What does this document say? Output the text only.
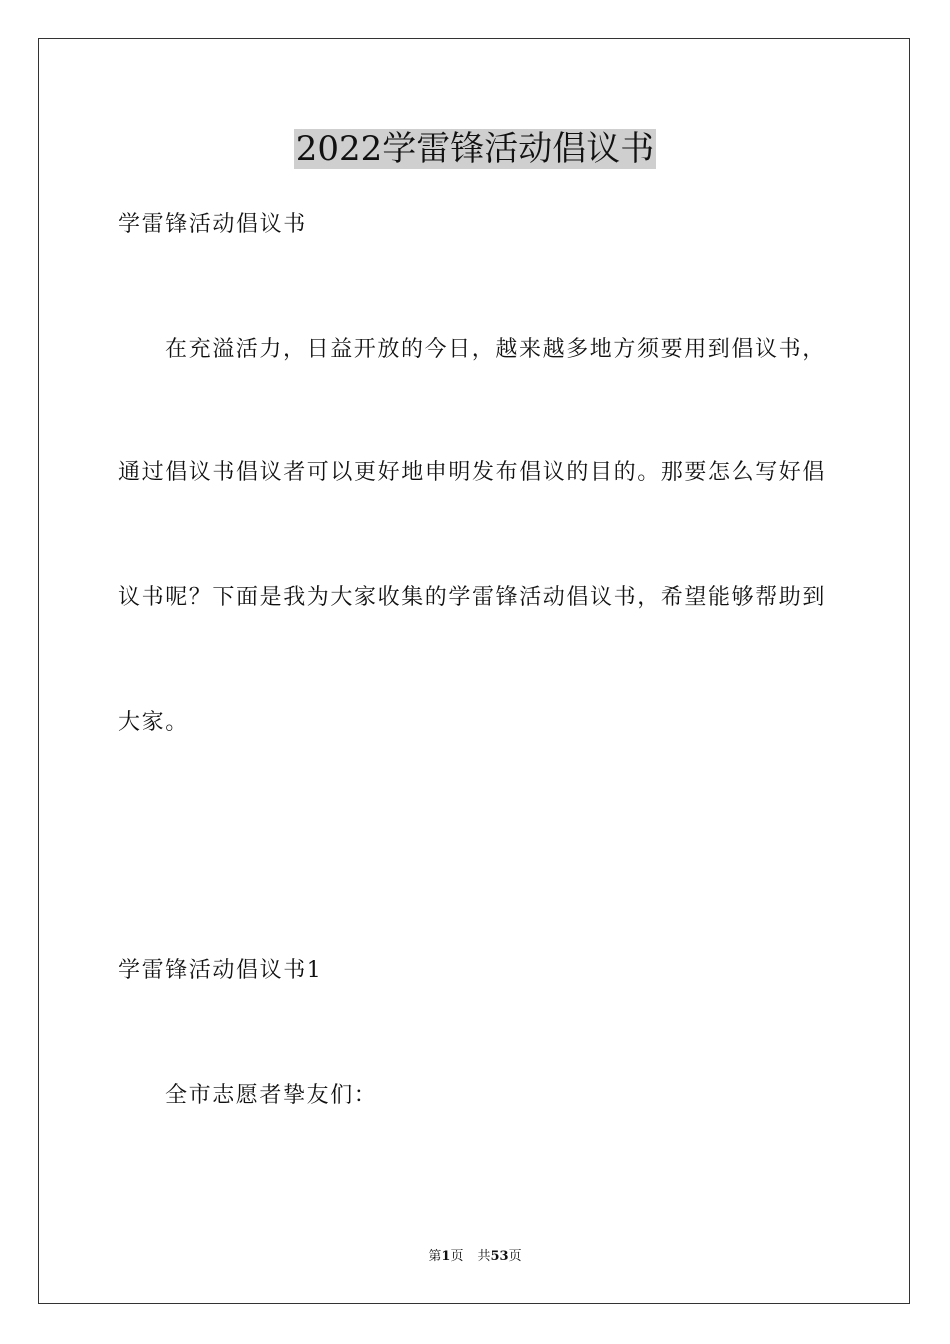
2022学雷锋活动倡议书
学雷锋活动倡议书
在充溢活力，日益开放的今日，越来越多地方须要用到倡议书，
通过倡议书倡议者可以更好地申明发布倡议的目的。那要怎么写好倡
议书呢？下面是我为大家收集的学雷锋活动倡议书，希望能够帮助到
大家。
学雷锋活动倡议书1
全市志愿者挚友们：
第1页 共53页
